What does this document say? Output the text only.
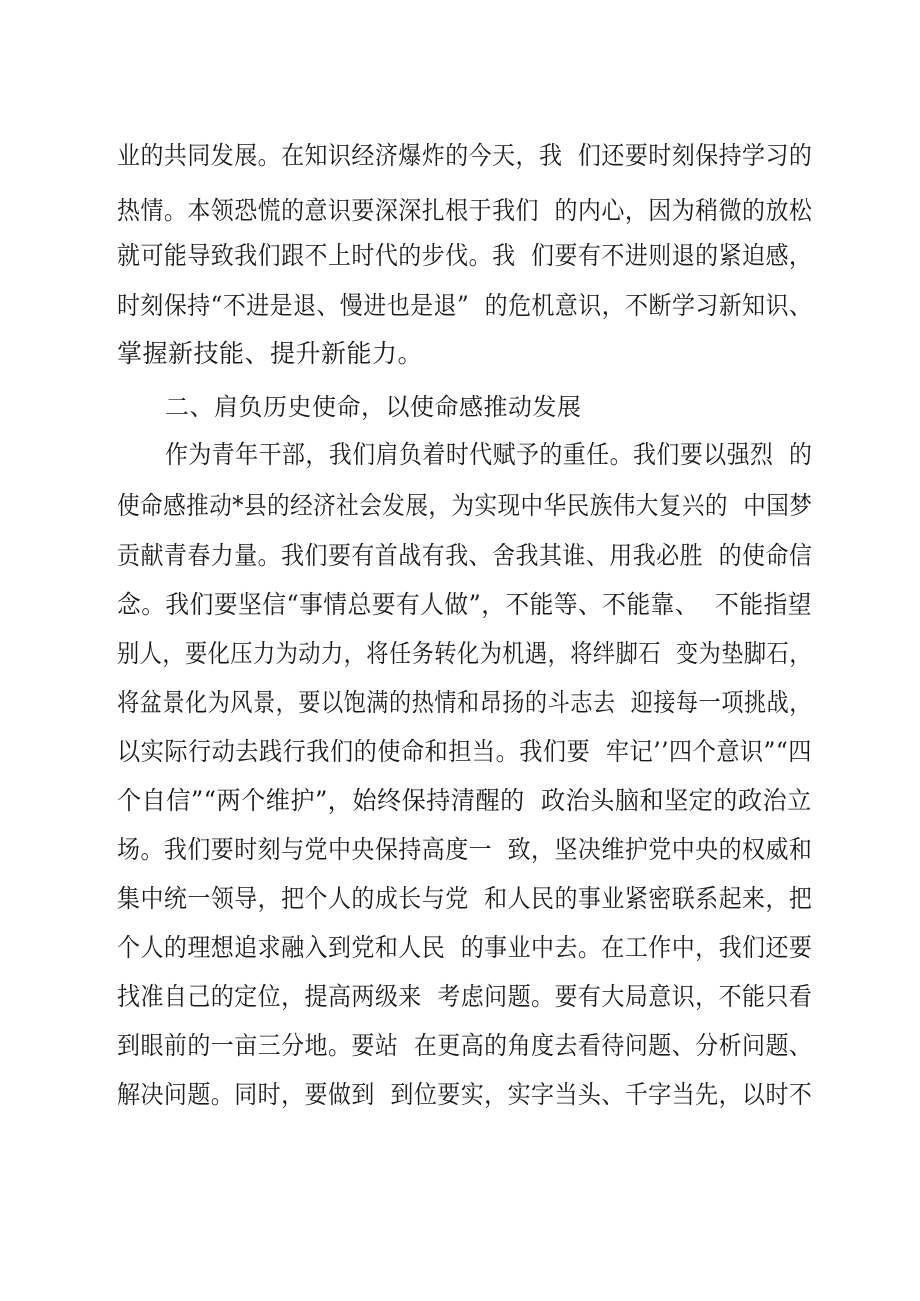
业的共同发展。在知识经济爆炸的今天，我  们还要时刻保持学习的
热情。本领恐慌的意识要深深扎根于我们  的内心，因为稍微的放松
就可能导致我们跟不上时代的步伐。我  们要有不进则退的紧迫感，
时刻保持“不进是退、慢进也是退”  的危机意识，不断学习新知识、
掌握新技能、提升新能力。
二、肩负历史使命，以使命感推动发展
作为青年干部，我们肩负着时代赋予的重任。我们要以强烈  的
使命感推动*县的经济社会发展，为实现中华民族伟大复兴的  中国梦
贡献青春力量。我们要有首战有我、舍我其谁、用我必胜  的使命信
念。我们要坚信“事情总要有人做”，不能等、不能靠、  不能指望
别人，要化压力为动力，将任务转化为机遇，将绊脚石  变为垫脚石，
将盆景化为风景，要以饱满的热情和昂扬的斗志去  迎接每一项挑战，
以实际行动去践行我们的使命和担当。我们要  牢记’’四个意识”“四
个自信”“两个维护”，始终保持清醒的  政治头脑和坚定的政治立
场。我们要时刻与党中央保持高度一  致，坚决维护党中央的权威和
集中统一领导，把个人的成长与党  和人民的事业紧密联系起来，把
个人的理想追求融入到党和人民  的事业中去。在工作中，我们还要
找准自己的定位，提高两级来  考虑问题。要有大局意识，不能只看
到眼前的一亩三分地。要站  在更高的角度去看待问题、分析问题、
解决问题。同时，要做到  到位要实，实字当头、千字当先，以时不
